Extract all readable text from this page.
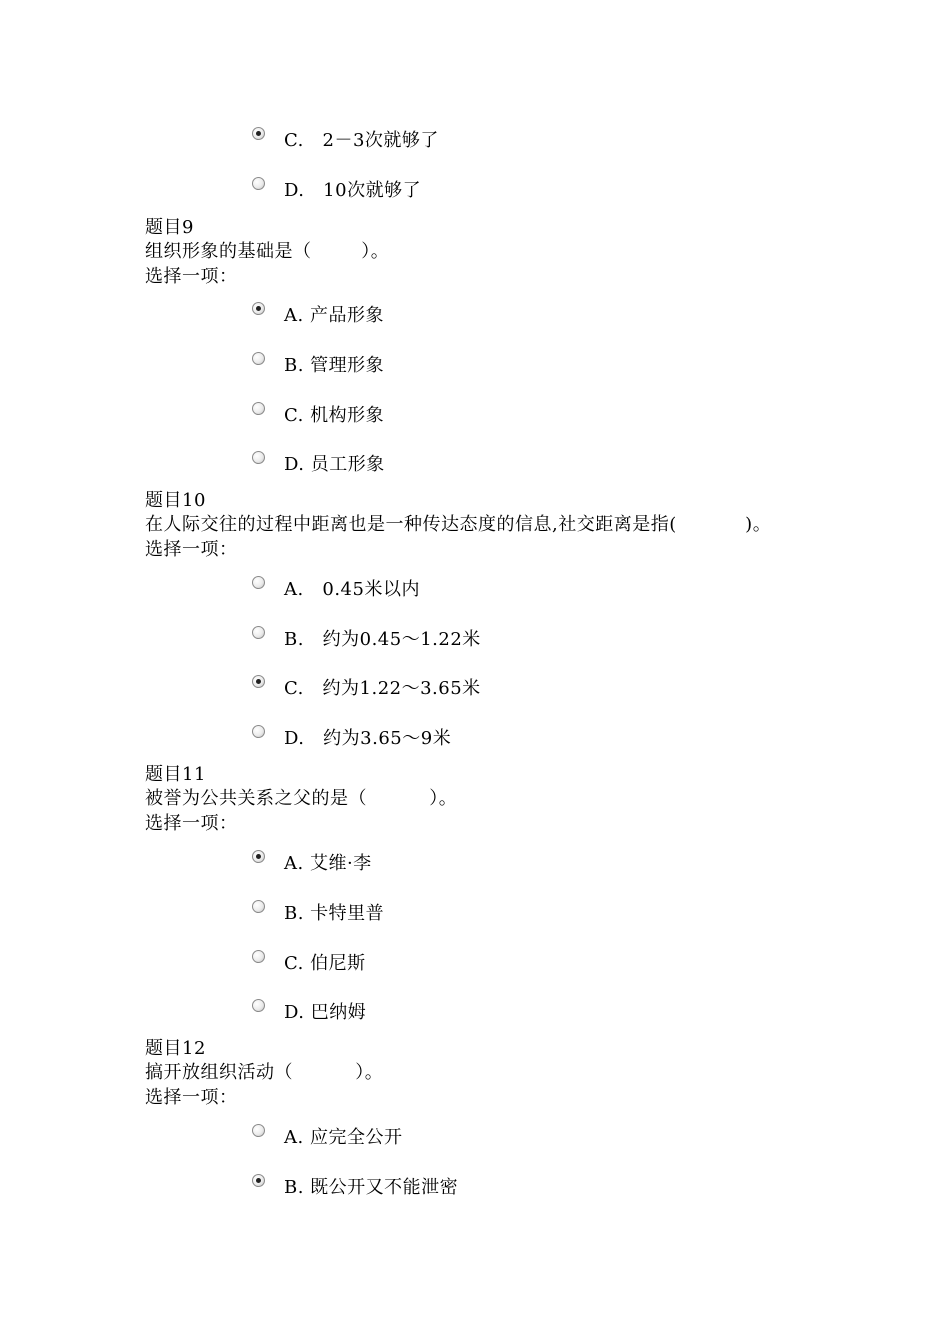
C.   2－3次就够了
D.   10次就够了
题目9
组织形象的基础是（        ）。
选择一项：
A. 产品形象
B. 管理形象
C. 机构形象
D. 员工形象
题目10
在人际交往的过程中距离也是一种传达态度的信息,社交距离是指(           )。
选择一项：
A.   0.45米以内
B.   约为0.45～1.22米
C.   约为1.22～3.65米
D.   约为3.65～9米
题目11
被誉为公共关系之父的是（          ）。
选择一项：
A. 艾维·李
B. 卡特里普
C. 伯尼斯
D. 巴纳姆
题目12
搞开放组织活动（          ）。
选择一项：
A. 应完全公开
B. 既公开又不能泄密
